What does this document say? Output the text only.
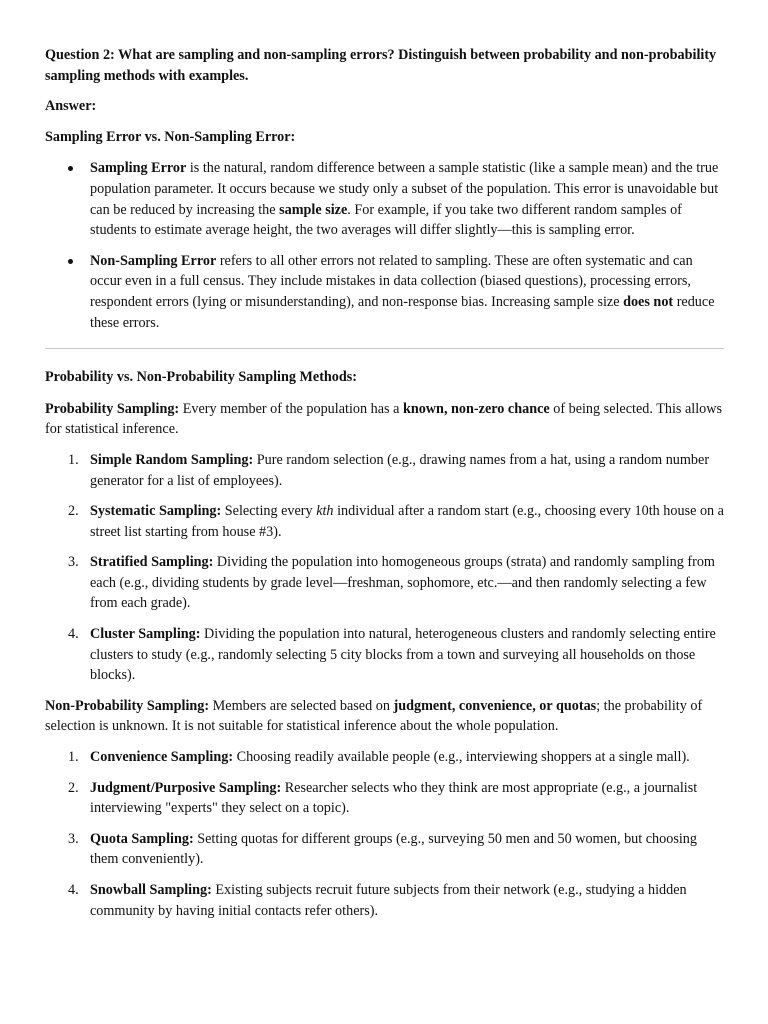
Question 2: What are sampling and non-sampling errors? Distinguish between probability and non-probability sampling methods with examples.

Answer:

Sampling Error vs. Non-Sampling Error:

Sampling Error is the natural, random difference between a sample statistic (like a sample mean) and the true population parameter. It occurs because we study only a subset of the population. This error is unavoidable but can be reduced by increasing the sample size. For example, if you take two different random samples of students to estimate average height, the two averages will differ slightly—this is sampling error.
Non-Sampling Error refers to all other errors not related to sampling. These are often systematic and can occur even in a full census. They include mistakes in data collection (biased questions), processing errors, respondent errors (lying or misunderstanding), and non-response bias. Increasing sample size does not reduce these errors.

Probability vs. Non-Probability Sampling Methods:

Probability Sampling: Every member of the population has a known, non-zero chance of being selected. This allows for statistical inference.

1. Simple Random Sampling: Pure random selection (e.g., drawing names from a hat, using a random number generator for a list of employees).
2. Systematic Sampling: Selecting every kth individual after a random start (e.g., choosing every 10th house on a street list starting from house #3).
3. Stratified Sampling: Dividing the population into homogeneous groups (strata) and randomly sampling from each (e.g., dividing students by grade level—freshman, sophomore, etc.—and then randomly selecting a few from each grade).
4. Cluster Sampling: Dividing the population into natural, heterogeneous clusters and randomly selecting entire clusters to study (e.g., randomly selecting 5 city blocks from a town and surveying all households on those blocks).

Non-Probability Sampling: Members are selected based on judgment, convenience, or quotas; the probability of selection is unknown. It is not suitable for statistical inference about the whole population.

1. Convenience Sampling: Choosing readily available people (e.g., interviewing shoppers at a single mall).
2. Judgment/Purposive Sampling: Researcher selects who they think are most appropriate (e.g., a journalist interviewing "experts" they select on a topic).
3. Quota Sampling: Setting quotas for different groups (e.g., surveying 50 men and 50 women, but choosing them conveniently).
4. Snowball Sampling: Existing subjects recruit future subjects from their network (e.g., studying a hidden community by having initial contacts refer others).
